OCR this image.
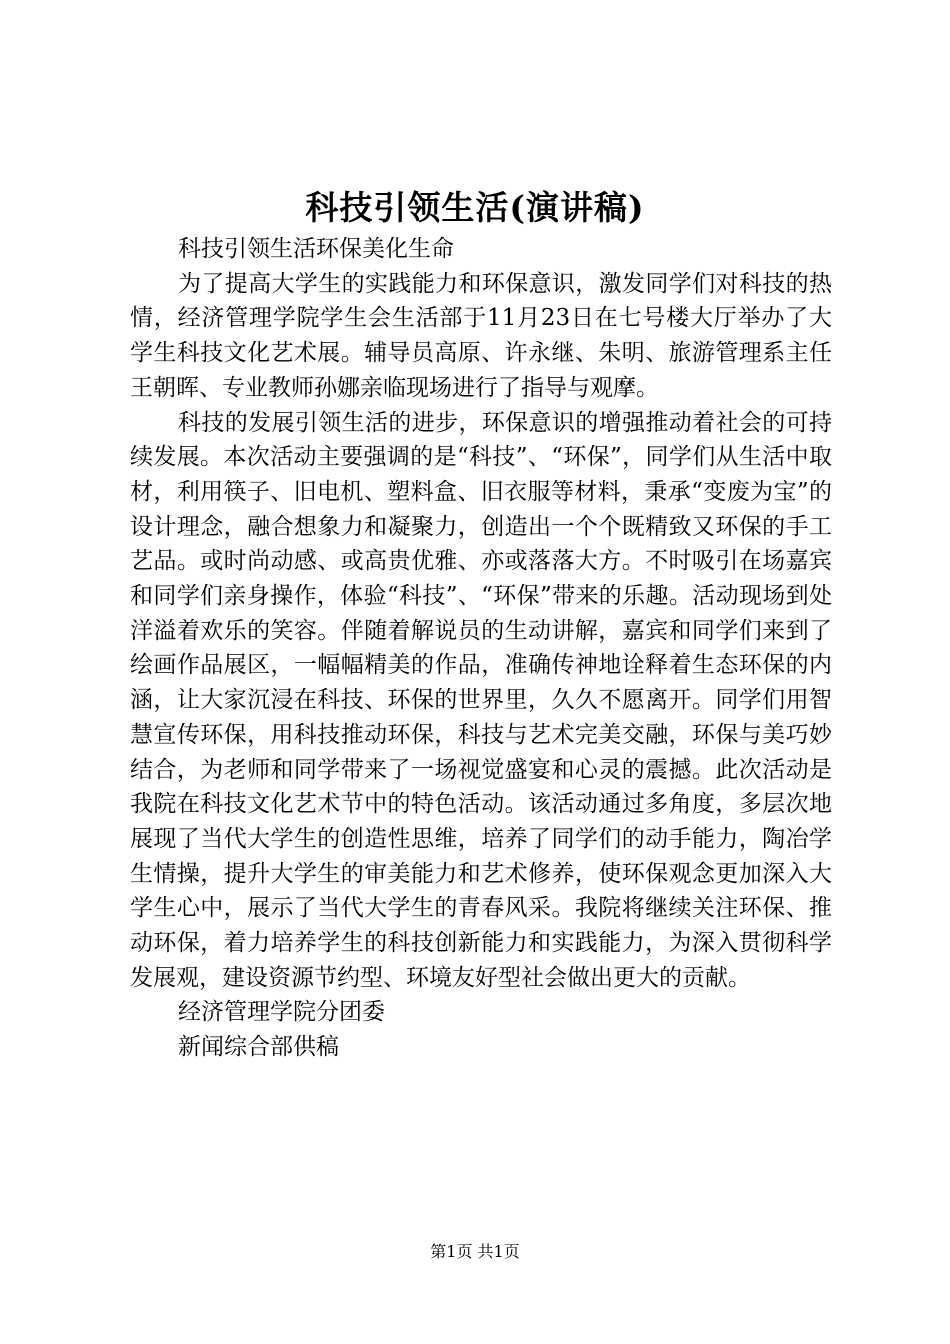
科技引领生活(演讲稿)

科技引领生活环保美化生命

为了提高大学生的实践能力和环保意识，激发同学们对科技的热情，经济管理学院学生会生活部于11月23日在七号楼大厅举办了大学生科技文化艺术展。辅导员高原、许永继、朱明、旅游管理系主任王朝晖、专业教师孙娜亲临现场进行了指导与观摩。

科技的发展引领生活的进步，环保意识的增强推动着社会的可持续发展。本次活动主要强调的是“科技”、“环保”，同学们从生活中取材，利用筷子、旧电机、塑料盒、旧衣服等材料，秉承“变废为宝”的设计理念，融合想象力和凝聚力，创造出一个个既精致又环保的手工艺品。或时尚动感、或高贵优雅、亦或落落大方。不时吸引在场嘉宾和同学们亲身操作，体验“科技”、“环保”带来的乐趣。活动现场到处洋溢着欢乐的笑容。伴随着解说员的生动讲解，嘉宾和同学们来到了绘画作品展区，一幅幅精美的作品，准确传神地诠释着生态环保的内涵，让大家沉浸在科技、环保的世界里，久久不愿离开。同学们用智慧宣传环保，用科技推动环保，科技与艺术完美交融，环保与美巧妙结合，为老师和同学带来了一场视觉盛宴和心灵的震撼。此次活动是我院在科技文化艺术节中的特色活动。该活动通过多角度，多层次地展现了当代大学生的创造性思维，培养了同学们的动手能力，陶冶学生情操，提升大学生的审美能力和艺术修养，使环保观念更加深入大学生心中，展示了当代大学生的青春风采。我院将继续关注环保、推动环保，着力培养学生的科技创新能力和实践能力，为深入贯彻科学发展观，建设资源节约型、环境友好型社会做出更大的贡献。

经济管理学院分团委

新闻综合部供稿

第1页 共1页
